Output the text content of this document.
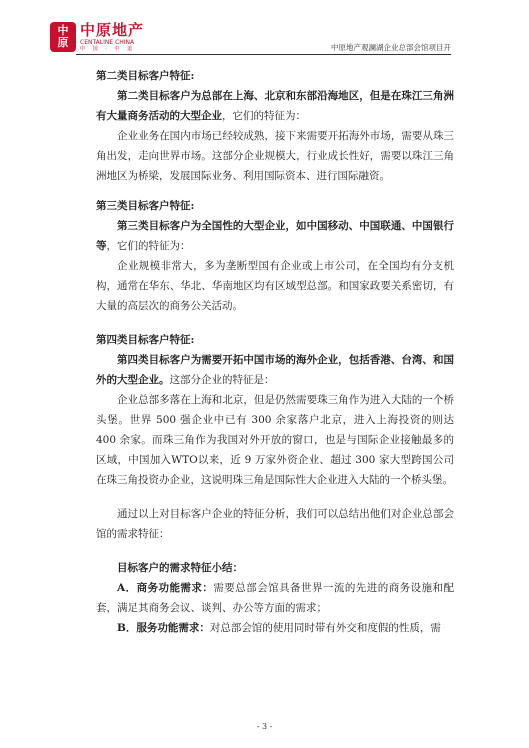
中
原
中原地产
CENTALINE CHINA
中 国 · 中 道	中原地产观澜湖企业总部会馆项目开

第二类目标客户特征:

第二类目标客户为总部在上海、北京和东部沿海地区，但是在珠江三角洲有大量商务活动的大型企业，它们的特征为：

企业业务在国内市场已经较成熟，接下来需要开拓海外市场，需要从珠三角出发，走向世界市场。这部分企业规模大，行业成长性好，需要以珠江三角洲地区为桥梁，发展国际业务、利用国际资本、进行国际融资。

第三类目标客户特征:

第三类目标客户为全国性的大型企业，如中国移动、中国联通、中国银行等，它们的特征为：

企业规模非常大，多为垄断型国有企业或上市公司，在全国均有分支机构，通常在华东、华北、华南地区均有区域型总部。和国家政要关系密切，有大量的高层次的商务公关活动。

第四类目标客户特征:

第四类目标客户为需要开拓中国市场的海外企业，包括香港、台湾、和国外的大型企业。这部分企业的特征是：

企业总部多落在上海和北京，但是仍然需要珠三角作为进入大陆的一个桥头堡。世界 500 强企业中已有 300 余家落户北京，进入上海投资的则达 400 余家。而珠三角作为我国对外开放的窗口，也是与国际企业接触最多的区域，中国加入WTO以来，近 9 万家外资企业、超过 300 家大型跨国公司在珠三角投资办企业，这说明珠三角是国际性大企业进入大陆的一个桥头堡。

通过以上对目标客户企业的特征分析，我们可以总结出他们对企业总部会馆的需求特征：

目标客户的需求特征小结：

A．商务功能需求：需要总部会馆具备世界一流的先进的商务设施和配套，满足其商务会议、谈判、办公等方面的需求；

B．服务功能需求：对总部会馆的使用同时带有外交和度假的性质，需

- 3 -
